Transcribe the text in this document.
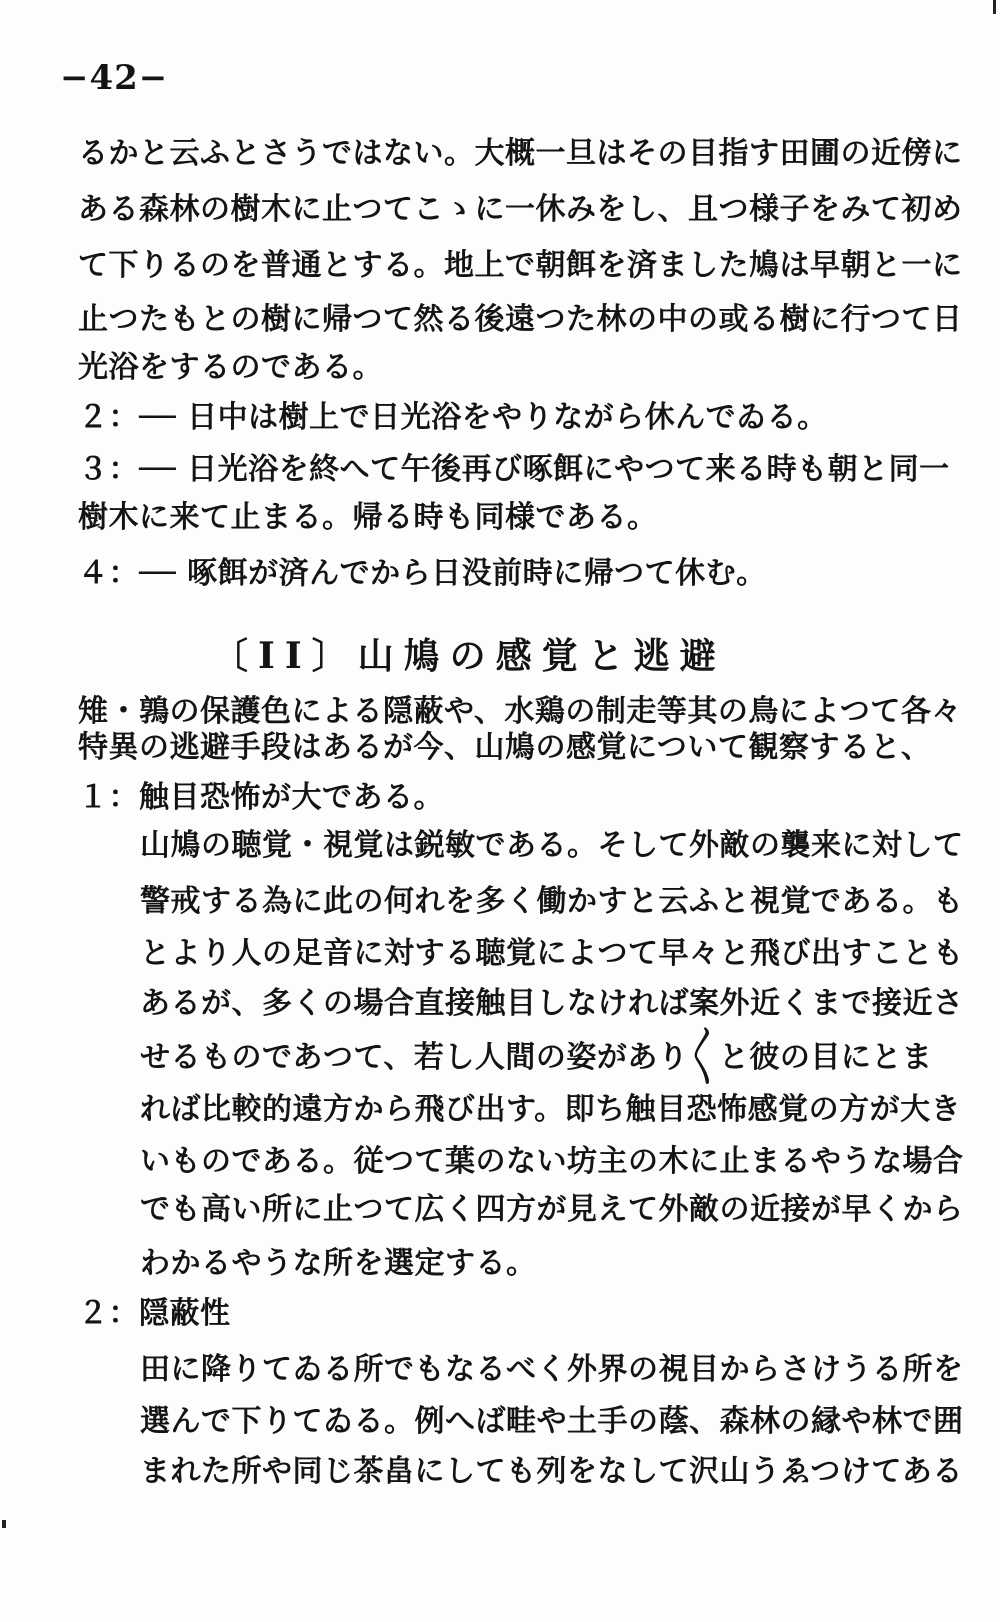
−42−
るかと云ふとさうではない。大概一旦はその目指す田圃の近傍に
ある森林の樹木に止つてこゝに一休みをし、且つ様子をみて初め
て下りるのを普通とする。地上で朝餌を済ました鳩は早朝と一に
止つたもとの樹に帰つて然る後遠つた林の中の或る樹に行つて日
光浴をするのである。
２：── 日中は樹上で日光浴をやりながら休んでゐる。
３：── 日光浴を終へて午後再び啄餌にやつて来る時も朝と同一
樹木に来て止まる。帰る時も同様である。
４：── 啄餌が済んでから日没前時に帰つて休む。
〔II〕山鳩の感覚と逃避
雉・鶉の保護色による隠蔽や、水鶏の制走等其の鳥によつて各々
特異の逃避手段はあるが今、山鳩の感覚について観察すると、
１：触目恐怖が大である。
山鳩の聴覚・視覚は鋭敏である。そして外敵の襲来に対して
警戒する為に此の何れを多く働かすと云ふと視覚である。も
とより人の足音に対する聴覚によつて早々と飛び出すことも
あるが、多くの場合直接触目しなければ案外近くまで接近さ
せるものであつて、若し人間の姿があり〱と彼の目にとま
れば比較的遠方から飛び出す。即ち触目恐怖感覚の方が大き
いものである。従つて葉のない坊主の木に止まるやうな場合
でも高い所に止つて広く四方が見えて外敵の近接が早くから
わかるやうな所を選定する。
２：隠蔽性
田に降りてゐる所でもなるべく外界の視目からさけうる所を
選んで下りてゐる。例へば畦や土手の蔭、森林の縁や林で囲
まれた所や同じ茶畠にしても列をなして沢山うゑつけてある
